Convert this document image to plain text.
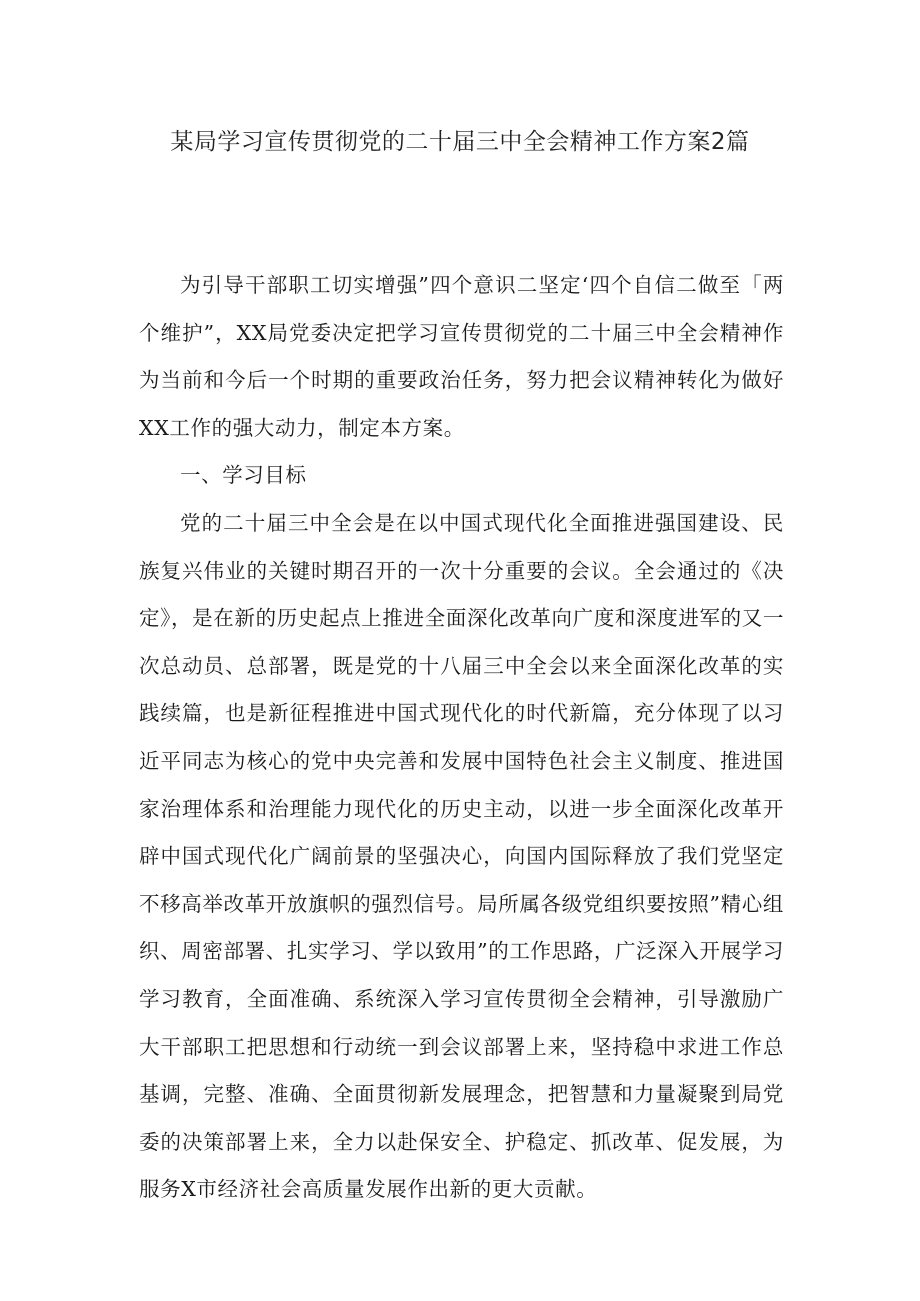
某局学习宣传贯彻党的二十届三中全会精神工作方案2篇

为引导干部职工切实增强”四个意识二坚定‘四个自信二做至「两个维护”，XX局党委决定把学习宣传贯彻党的二十届三中全会精神作为当前和今后一个时期的重要政治任务，努力把会议精神转化为做好XX工作的强大动力，制定本方案。

一、学习目标

党的二十届三中全会是在以中国式现代化全面推进强国建设、民族复兴伟业的关键时期召开的一次十分重要的会议。全会通过的《决定》，是在新的历史起点上推进全面深化改革向广度和深度进军的又一次总动员、总部署，既是党的十八届三中全会以来全面深化改革的实践续篇，也是新征程推进中国式现代化的时代新篇，充分体现了以习近平同志为核心的党中央完善和发展中国特色社会主义制度、推进国家治理体系和治理能力现代化的历史主动，以进一步全面深化改革开辟中国式现代化广阔前景的坚强决心，向国内国际释放了我们党坚定不移高举改革开放旗帜的强烈信号。局所属各级党组织要按照”精心组织、周密部署、扎实学习、学以致用”的工作思路，广泛深入开展学习学习教育，全面准确、系统深入学习宣传贯彻全会精神，引导激励广大干部职工把思想和行动统一到会议部署上来，坚持稳中求进工作总基调，完整、准确、全面贯彻新发展理念，把智慧和力量凝聚到局党委的决策部署上来，全力以赴保安全、护稳定、抓改革、促发展，为服务X市经济社会高质量发展作出新的更大贡献。
